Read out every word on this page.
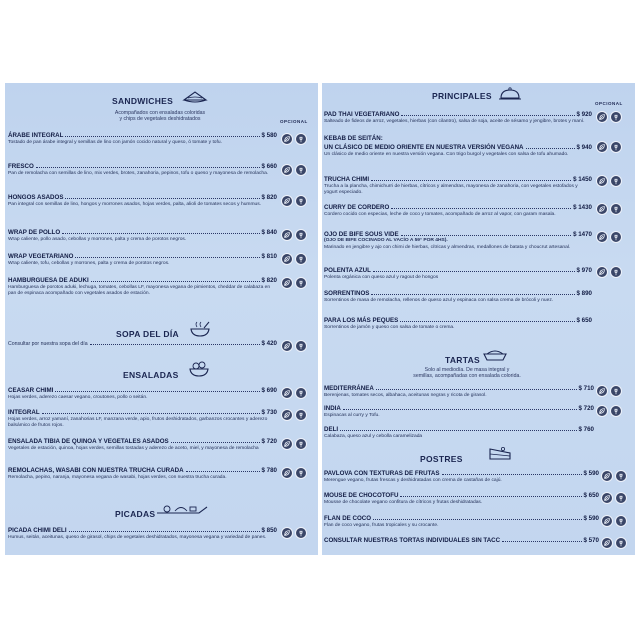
SANDWICHES
Acompañados con ensaladas coloridas
y chips de vegetales deshidratados	OPCIONAL
ÁRABE INTEGRAL	$ 580
Tostado de pan árabe integral y semillas de lino con jamón cocido natural y queso, ó tomate y tofu.
FRESCO	$ 660
Pan de remolacha con semillas de lino, mix verdes, brotes, zanahoria, pepinos, tofu o queso y mayonesa de remolacha.
HONGOS ASADOS	$ 820
Pan integral con semillas de lino, hongos y morrones asados, hojas verdes, palta, alioli de tomates secos y hummus.
WRAP DE POLLO	$ 840
Wrap caliente, pollo asado, cebollas y morrones, palta y crema de porotos negros.
WRAP VEGETARIANO	$ 810
Wrap caliente, tofu, cebollas y morrones, palta y crema de porotos negros.
HAMBURGUESA DE ADUKI	$ 820
Hamburguesa de porotos aduki, lechuga, tomates, cebollas LF, mayonesa vegana de pimientos, cheddar de calabaza en pan de espinaca acompañado con vegetales asados de estación.
SOPA DEL DÍA
Consultar por nuestra sopa del día	$ 420
ENSALADAS
CEASAR CHIMI	$ 690
Hojas verdes, aderezo caesar vegano, croutones, pollo o seitán.
INTEGRAL	$ 730
Hojas verdes, arroz yamaní, zanahorias LF, manzana verde, apio, frutos deshidratados, garbanzos crocantes y aderezo balsámico de frutos rojos.
ENSALADA TIBIA DE QUINOA Y VEGETALES ASADOS	$ 720
Vegetales de estación, quinoa, hojas verdes, semillas tostadas y aderezo de aceto, miel, y mayonesa de remolacha
REMOLACHAS, WASABI CON NUESTRA TRUCHA CURADA	$ 780
Remolacha, pepino, naranja, mayonesa vegana de wasabi, hojas verdes, con nuestra trucha curada.
PICADAS
PICADA CHIMI DELI	$ 850
Humus, seitán, aceitunas, queso de girasol, chips de vegetales deshidratados, mayonesa vegana y variedad de panes.
PRINCIPALES
OPCIONAL
PAD THAI VEGETARIANO	$ 920
Salteado de fideos de arroz, vegetales, hierbas (con cilantro), salsa de soja, aceite de sésamo y jengibre, brotes y maní.
KEBAB DE SEITÁN:
UN CLÁSICO DE MEDIO ORIENTE EN NUESTRA VERSIÓN VEGANA	$ 940
Un clásico de medio oriente en nuestra versión vegana. Con trigo burgol y vegetales con salsa de tofu ahumado.
TRUCHA CHIMI	$ 1450
Trucha a la plancha, chimichurri de hierbas, cítricos y almendras, mayonesa de zanahoria, con vegetales estofados y yogurt especiado.
CURRY DE CORDERO	$ 1430
Cordero cocido con especias, leche de coco y tomates, acompañado de arroz al vapor, con garam masala.
OJO DE BIFE SOUS VIDE	$ 1470
(OJO DE BIFE COCINADO AL VACÍO A 59° POR 4HS).
Marinado en jengibre y ajo con chimi de hierbas, cítricas y almendras, medallones de batata y choucrut artesanal.
POLENTA AZUL	$ 970
Polenta orgánica con queso azul y ragout de hongos
SORRENTINOS	$ 890
Sorrentinos de masa de remolacha, rellenos de queso azul y espinaca con salsa crema de brócoli y nuez.
PARA LOS MÁS PEQUES	$ 650
Sorrentinos de jamón y queso con salsa de tomate o crema.
TARTAS
Solo al mediodía. De masa integral y
semillas, acompañadas con ensalada colorida.
MEDITERRÁNEA	$ 710
Berenjenas, tomates secos, albahaca, aceitunas negras y ricota de girasol.
INDIA	$ 720
Espinacas al curry y Tofu.
DELI	$ 760
Calabaza, queso azul y cebolla caramelizada
POSTRES
PAVLOVA CON TEXTURAS DE FRUTAS	$ 590
Merengue vegano, frutas frescas y deshidratadas con crema de castañas de cajú.
MOUSE DE CHOCOTOFU	$ 650
Mousse de chocolate vegano confitura de cítricos y frutas deshidratadas.
FLAN DE COCO	$ 590
Flan de coco vegano, frutas tropicales y su crocante.
CONSULTAR NUESTRAS TORTAS INDIVIDUALES SIN TACC	$ 570
